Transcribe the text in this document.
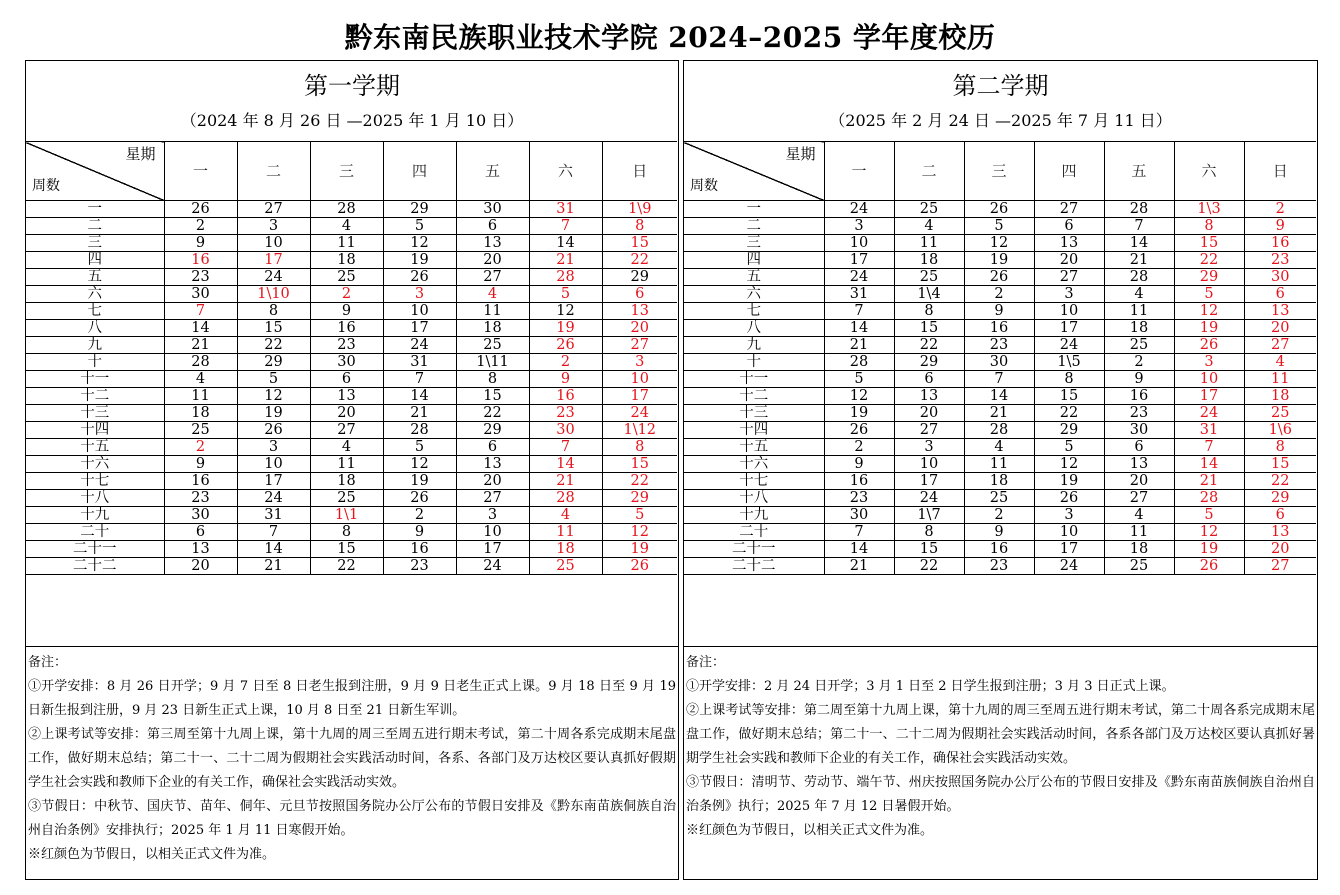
黔东南民族职业技术学院 2024–2025 学年度校历
第一学期
（2024 年 8 月 26 日 —2025 年 1 月 10 日）
星期
周数	一	二	三	四	五	六	日
一	26	27	28	29	30	31	1\9
二	2	3	4	5	6	7	8
三	9	10	11	12	13	14	15
四	16	17	18	19	20	21	22
五	23	24	25	26	27	28	29
六	30	1\10	2	3	4	5	6
七	7	8	9	10	11	12	13
八	14	15	16	17	18	19	20
九	21	22	23	24	25	26	27
十	28	29	30	31	1\11	2	3
十一	4	5	6	7	8	9	10
十二	11	12	13	14	15	16	17
十三	18	19	20	21	22	23	24
十四	25	26	27	28	29	30	1\12
十五	2	3	4	5	6	7	8
十六	9	10	11	12	13	14	15
十七	16	17	18	19	20	21	22
十八	23	24	25	26	27	28	29
十九	30	31	1\1	2	3	4	5
二十	6	7	8	9	10	11	12
二十一	13	14	15	16	17	18	19
二十二	20	21	22	23	24	25	26
备注：

①开学安排：8 月 26 日开学；9 月 7 日至 8 日老生报到注册，9 月 9 日老生正式上课。9 月 18 日至 9 月 19 日新生报到注册，9 月 23 日新生正式上课，10 月 8 日至 21 日新生军训。

②上课考试等安排：第三周至第十九周上课，第十九周的周三至周五进行期末考试，第二十周各系完成期末尾盘工作，做好期末总结；第二十一、二十二周为假期社会实践活动时间，各系、各部门及万达校区要认真抓好假期学生社会实践和教师下企业的有关工作，确保社会实践活动实效。

③节假日：中秋节、国庆节、苗年、侗年、元旦节按照国务院办公厅公布的节假日安排及《黔东南苗族侗族自治州自治条例》安排执行；2025 年 1 月 11 日寒假开始。

※红颜色为节假日，以相关正式文件为准。

第二学期
（2025 年 2 月 24 日 —2025 年 7 月 11 日）
星期
周数	一	二	三	四	五	六	日
一	24	25	26	27	28	1\3	2
二	3	4	5	6	7	8	9
三	10	11	12	13	14	15	16
四	17	18	19	20	21	22	23
五	24	25	26	27	28	29	30
六	31	1\4	2	3	4	5	6
七	7	8	9	10	11	12	13
八	14	15	16	17	18	19	20
九	21	22	23	24	25	26	27
十	28	29	30	1\5	2	3	4
十一	5	6	7	8	9	10	11
十二	12	13	14	15	16	17	18
十三	19	20	21	22	23	24	25
十四	26	27	28	29	30	31	1\6
十五	2	3	4	5	6	7	8
十六	9	10	11	12	13	14	15
十七	16	17	18	19	20	21	22
十八	23	24	25	26	27	28	29
十九	30	1\7	2	3	4	5	6
二十	7	8	9	10	11	12	13
二十一	14	15	16	17	18	19	20
二十二	21	22	23	24	25	26	27
备注：

①开学安排：2 月 24 日开学；3 月 1 日至 2 日学生报到注册；3 月 3 日正式上课。

②上课考试等安排：第二周至第十九周上课，第十九周的周三至周五进行期末考试，第二十周各系完成期末尾盘工作，做好期末总结；第二十一、二十二周为假期社会实践活动时间，各系各部门及万达校区要认真抓好暑期学生社会实践和教师下企业的有关工作，确保社会实践活动实效。

③节假日：清明节、劳动节、端午节、州庆按照国务院办公厅公布的节假日安排及《黔东南苗族侗族自治州自治条例》执行；2025 年 7 月 12 日暑假开始。

※红颜色为节假日，以相关正式文件为准。
